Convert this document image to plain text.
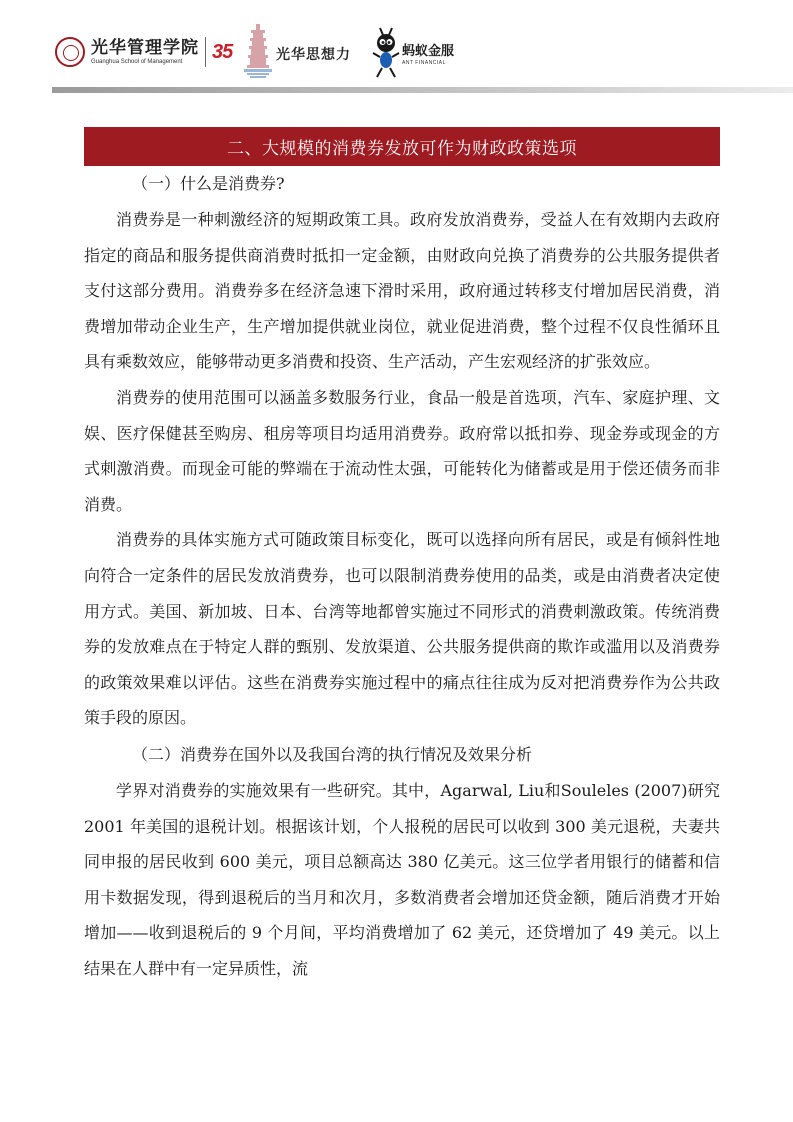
光华管理学院
Guanghua School of Management	35	光华思想力	蚂蚁金服
ANT FINANCIAL
二、大规模的消费券发放可作为财政政策选项

（一）什么是消费券?

消费券是一种刺激经济的短期政策工具。政府发放消费券，受益人在有效期内去政府指定的商品和服务提供商消费时抵扣一定金额，由财政向兑换了消费券的公共服务提供者支付这部分费用。消费券多在经济急速下滑时采用，政府通过转移支付增加居民消费，消费增加带动企业生产，生产增加提供就业岗位，就业促进消费，整个过程不仅良性循环且具有乘数效应，能够带动更多消费和投资、生产活动，产生宏观经济的扩张效应。

消费券的使用范围可以涵盖多数服务行业，食品一般是首选项，汽车、家庭护理、文娱、医疗保健甚至购房、租房等项目均适用消费券。政府常以抵扣券、现金券或现金的方式刺激消费。而现金可能的弊端在于流动性太强，可能转化为储蓄或是用于偿还债务而非消费。

消费券的具体实施方式可随政策目标变化，既可以选择向所有居民，或是有倾斜性地向符合一定条件的居民发放消费券，也可以限制消费券使用的品类，或是由消费者决定使用方式。美国、新加坡、日本、台湾等地都曾实施过不同形式的消费刺激政策。传统消费券的发放难点在于特定人群的甄别、发放渠道、公共服务提供商的欺诈或滥用以及消费券的政策效果难以评估。这些在消费券实施过程中的痛点往往成为反对把消费券作为公共政策手段的原因。

（二）消费券在国外以及我国台湾的执行情况及效果分析

学界对消费券的实施效果有一些研究。其中，Agarwal, Liu和Souleles (2007)研究 2001 年美国的退税计划。根据该计划，个人报税的居民可以收到 300 美元退税，夫妻共同申报的居民收到 600 美元，项目总额高达 380 亿美元。这三位学者用银行的储蓄和信用卡数据发现，得到退税后的当月和次月，多数消费者会增加还贷金额，随后消费才开始增加——收到退税后的 9 个月间，平均消费增加了 62 美元，还贷增加了 49 美元。以上结果在人群中有一定异质性，流
